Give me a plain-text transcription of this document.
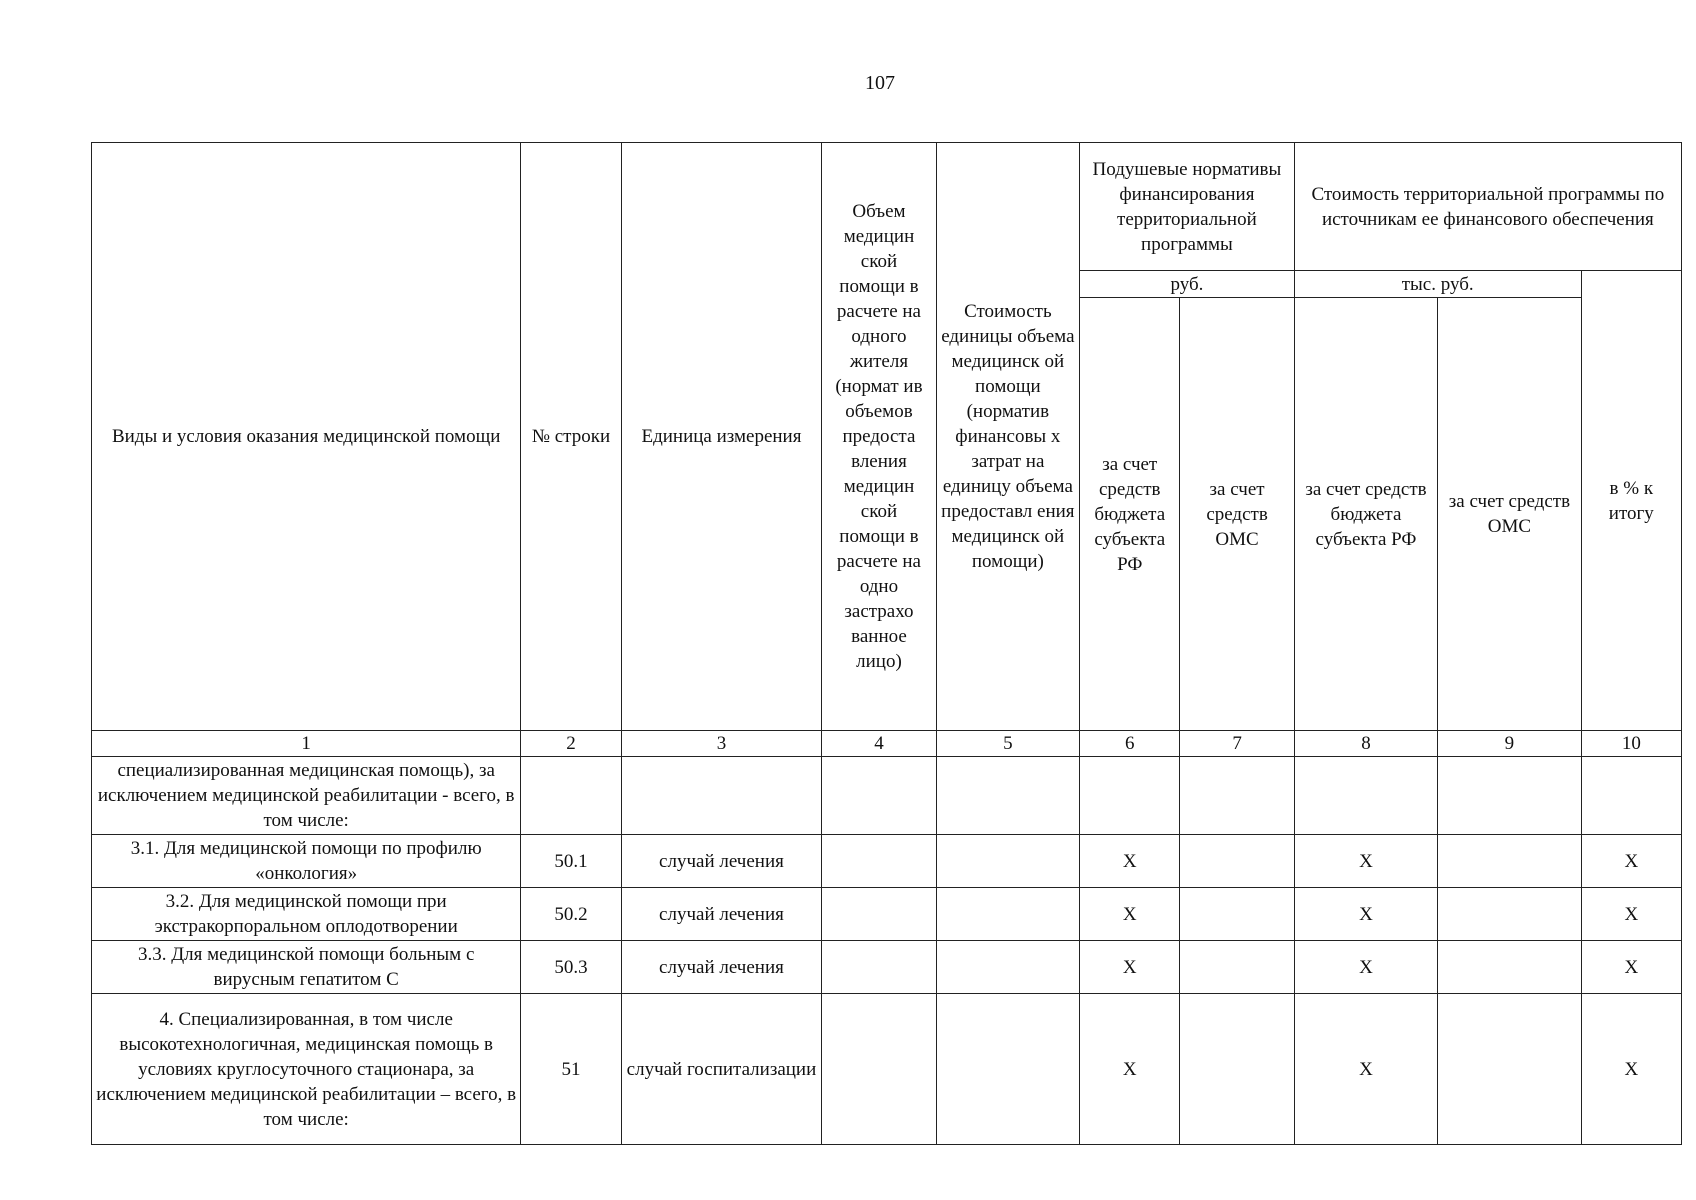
107
Виды и условия оказания медицинской помощи	№ строки	Единица измерения	Объем медицин ской помощи в расчете на одного жителя (нормат ив объемов предоста вления медицин ской помощи в расчете на одно застрахо ванное лицо)	Стоимость единицы объема медицинск ой помощи (норматив финансовы х затрат на единицу объема предоставл ения медицинск ой помощи)	Подушевые нормативы финансирования территориальной программы		Стоимость территориальной программы по источникам ее финансового обеспечения		
					руб.		тыс. руб.		в % к итогу
					за счет средств бюджета субъекта РФ	за счет средств ОМС	за счет средств бюджета субъекта РФ	за счет средств ОМС	
1	2	3	4	5	6	7	8	9	10
специализированная медицинская помощь), за исключением медицинской реабилитации - всего, в том числе:									
3.1. Для медицинской помощи по профилю «онкология»	50.1	случай лечения			X		X		X
3.2. Для медицинской помощи при экстракорпоральном оплодотворении	50.2	случай лечения			X		X		X
3.3. Для медицинской помощи больным с вирусным гепатитом С	50.3	случай лечения			X		X		X
4. Специализированная, в том числе высокотехнологичная, медицинская помощь в условиях круглосуточного стационара, за исключением медицинской реабилитации – всего, в том числе:	51	случай госпитализации			X		X		X
